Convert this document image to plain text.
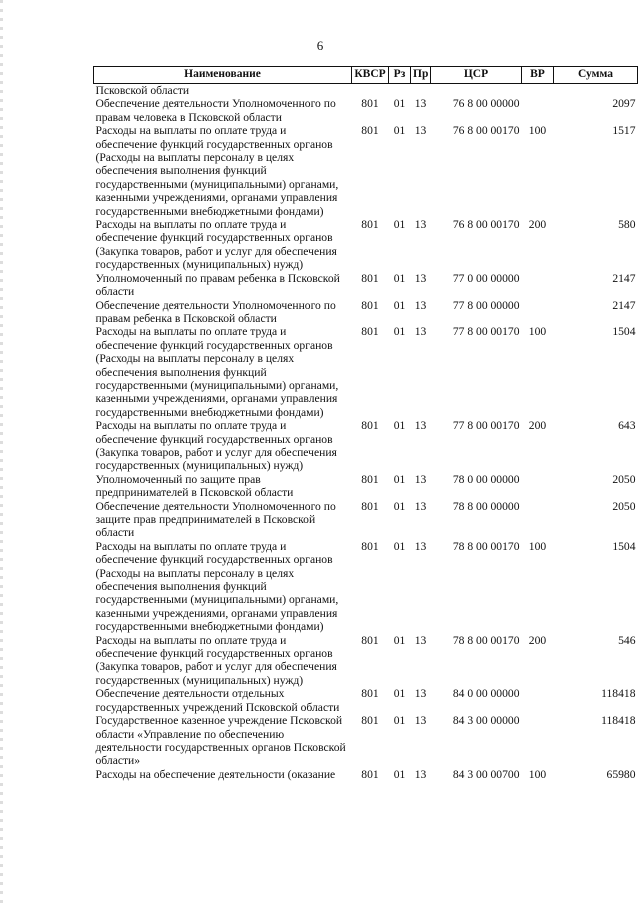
6
Наименование	КВСР	Рз	Пр	ЦСР	ВР	Сумма
Псковской области						
Обеспечение деятельности Уполномоченного по правам человека в Псковской области	801	01	13	76 8 00 00000		2097
Расходы на выплаты по оплате труда и обеспечение функций государственных органов (Расходы на выплаты персоналу в целях обеспечения выполнения функций государственными (муниципальными) органами, казенными учреждениями, органами управления государственными внебюджетными фондами)	801	01	13	76 8 00 00170	100	1517
Расходы на выплаты по оплате труда и обеспечение функций государственных органов (Закупка товаров, работ и услуг для обеспечения государственных (муниципальных) нужд)	801	01	13	76 8 00 00170	200	580
Уполномоченный по правам ребенка в Псковской области	801	01	13	77 0 00 00000		2147
Обеспечение деятельности Уполномоченного по правам ребенка в Псковской области	801	01	13	77 8 00 00000		2147
Расходы на выплаты по оплате труда и обеспечение функций государственных органов (Расходы на выплаты персоналу в целях обеспечения выполнения функций государственными (муниципальными) органами, казенными учреждениями, органами управления государственными внебюджетными фондами)	801	01	13	77 8 00 00170	100	1504
Расходы на выплаты по оплате труда и обеспечение функций государственных органов (Закупка товаров, работ и услуг для обеспечения государственных (муниципальных) нужд)	801	01	13	77 8 00 00170	200	643
Уполномоченный по защите прав предпринимателей в Псковской области	801	01	13	78 0 00 00000		2050
Обеспечение деятельности Уполномоченного по защите прав предпринимателей в Псковской области	801	01	13	78 8 00 00000		2050
Расходы на выплаты по оплате труда и обеспечение функций государственных органов (Расходы на выплаты персоналу в целях обеспечения выполнения функций государственными (муниципальными) органами, казенными учреждениями, органами управления государственными внебюджетными фондами)	801	01	13	78 8 00 00170	100	1504
Расходы на выплаты по оплате труда и обеспечение функций государственных органов (Закупка товаров, работ и услуг для обеспечения государственных (муниципальных) нужд)	801	01	13	78 8 00 00170	200	546
Обеспечение деятельности отдельных государственных учреждений Псковской области	801	01	13	84 0 00 00000		118418
Государственное казенное учреждение Псковской области «Управление по обеспечению деятельности государственных органов Псковской области»	801	01	13	84 3 00 00000		118418
Расходы на обеспечение деятельности (оказание	801	01	13	84 3 00 00700	100	65980
